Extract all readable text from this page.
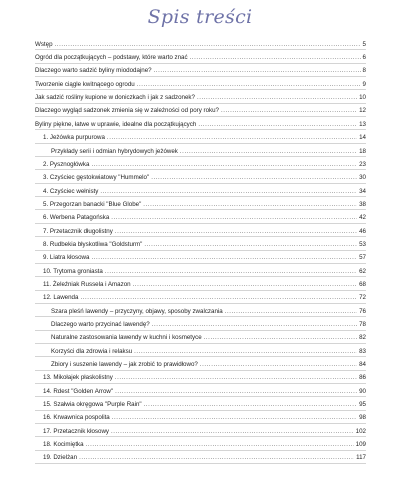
Spis treści
Wstęp .....	5
Ogród dla początkujących – podstawy, które warto znać .....	6
Dlaczego warto sadzić byliny miododajne? .....	8
Tworzenie ciągle kwitnącego ogrodu .....	9
Jak sadzić rośliny kupione w doniczkach i jak z sadzonek? .....	10
Dlaczego wygląd sadzonek zmienia się w zależności od pory roku? .....	12
Byliny piękne, łatwe w uprawie, idealne dla początkujących .....	13
1. Jeżówka purpurowa .....	14
Przykłady serii i odmian hybrydowych jeżówek .....	18
2. Pysznogłówka .....	23
3. Czyściec gęstokwiatowy "Hummelo" .....	30
4. Czyściec wełnisty .....	34
5. Przegorzan banacki "Blue Globe" .....	38
6. Werbena Patagońska .....	42
7. Przetacznik długolistny .....	46
8. Rudbekia błyskotliwa "Goldsturm" .....	53
9. Liatra kłosowa .....	57
10. Trytoma groniasta .....	62
11. Żeleźniak Russela i Amazon .....	68
12. Lawenda .....	72
Szara pleśń lawendy – przyczyny, objawy, sposoby zwalczania .....	76
Dlaczego warto przycinać lawendę? .....	78
Naturalne zastosowania lawendy w kuchni i kosmetyce .....	82
Korzyści dla zdrowia i relaksu .....	83
Zbiory i suszenie lawendy – jak zrobić to prawidłowo? .....	84
13. Mikołajek płaskolistny .....	86
14. Rdest "Golden Arrow" .....	90
15. Szałwia okręgowa "Purple Rain" .....	95
16. Krwawnica pospolita .....	98
17. Przetacznik kłosowy .....	102
18. Kocimiętka .....	109
19. Dzielżan .....	117
